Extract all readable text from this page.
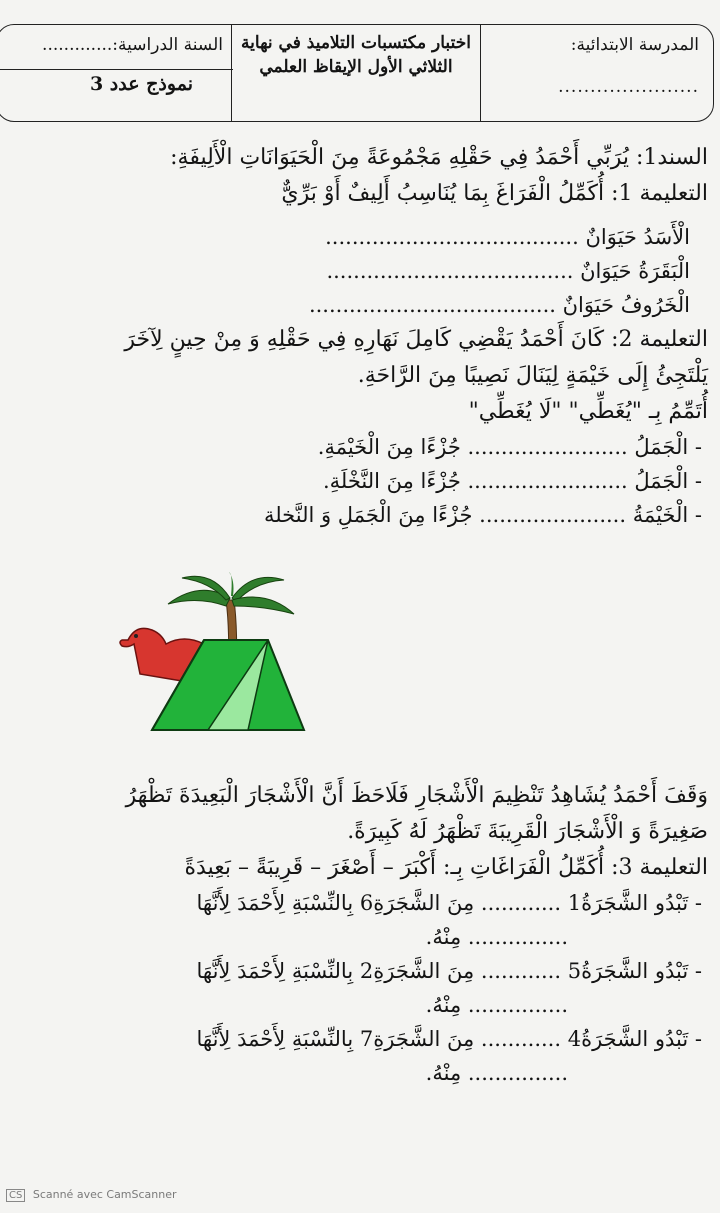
المدرسة الابتدائية:
......................
اختبار مكتسبات التلاميذ في نهاية الثلاثي الأول الإيقاظ العلمي
السنة الدراسية:.............
نموذج عدد 3
السند1: يُرَبِّي أَحْمَدُ فِي حَقْلِهِ مَجْمُوعَةً مِنَ الْحَيَوَانَاتِ الْأَلِيفَةِ:
التعليمة 1: أُكَمِّلُ الْفَرَاغَ بِمَا يُنَاسِبُ أَلِيفٌ أَوْ بَرِّيٌّ
الْأَسَدُ حَيَوَانٌ ......................................
الْبَقَرَةُ حَيَوَانٌ .....................................
الْخَرُوفُ حَيَوَانٌ .....................................
التعليمة 2: كَانَ أَحْمَدُ يَقْضِي كَامِلَ نَهَارِهِ فِي حَقْلِهِ وَ مِنْ حِينٍ لِآخَرَ
يَلْتَجِئُ إِلَى خَيْمَةٍ لِيَنَالَ نَصِيبًا مِنَ الرَّاحَةِ.
أُتَمِّمُ بِـ "يُغَطِّي" "لَا يُغَطِّي"
- الْجَمَلُ ........................ جُزْءًا مِنَ الْخَيْمَةِ.
- الْجَمَلُ ........................ جُزْءًا مِنَ النَّخْلَةِ.
- الْخَيْمَةُ ...................... جُزْءًا مِنَ الْجَمَلِ وَ النَّخلة
وَقَفَ أَحْمَدُ يُشَاهِدُ تَنْظِيمَ الْأَشْجَارِ فَلَاحَظَ أَنَّ الْأَشْجَارَ الْبَعِيدَةَ تَظْهَرُ
صَغِيرَةً وَ الْأَشْجَارَ الْقَرِيبَةَ تَظْهَرُ لَهُ كَبِيرَةً.
التعليمة 3: أُكَمِّلُ الْفَرَاغَاتِ بِـ: أَكْبَرَ – أَصْغَرَ – قَرِيبَةً – بَعِيدَةً
- تَبْدُو الشَّجَرَةُ1 ............ مِنَ الشَّجَرَةِ6 بِالنِّسْبَةِ لِأَحْمَدَ لِأَنَّهَا
............... مِنْهُ.
- تَبْدُو الشَّجَرَةُ5 ............ مِنَ الشَّجَرَةِ2 بِالنِّسْبَةِ لِأَحْمَدَ لِأَنَّهَا
............... مِنْهُ.
- تَبْدُو الشَّجَرَةُ4 ............ مِنَ الشَّجَرَةِ7 بِالنِّسْبَةِ لِأَحْمَدَ لِأَنَّهَا
............... مِنْهُ.
CS Scanné avec CamScanner
